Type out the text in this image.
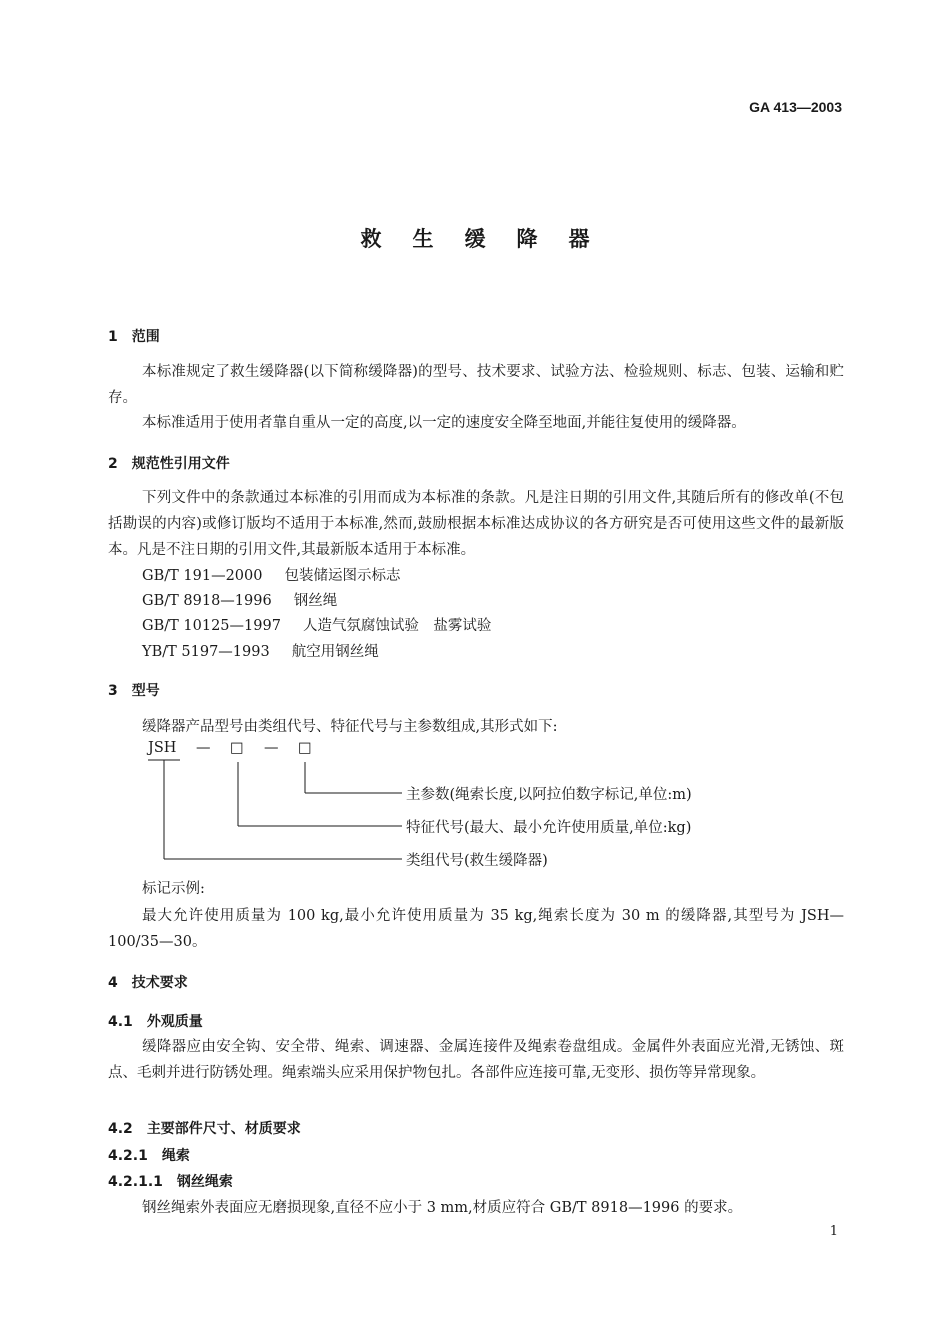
GA 413—2003
救生缓降器
1 范围
本标准规定了救生缓降器(以下简称缓降器)的型号、技术要求、试验方法、检验规则、标志、包装、运输和贮存。
本标准适用于使用者靠自重从一定的高度,以一定的速度安全降至地面,并能往复使用的缓降器。
2 规范性引用文件
下列文件中的条款通过本标准的引用而成为本标准的条款。凡是注日期的引用文件,其随后所有的修改单(不包括勘误的内容)或修订版均不适用于本标准,然而,鼓励根据本标准达成协议的各方研究是否可使用这些文件的最新版本。凡是不注日期的引用文件,其最新版本适用于本标准。
GB/T 191—2000 包装储运图示标志
GB/T 8918—1996 钢丝绳
GB/T 10125—1997 人造气氛腐蚀试验　盐雾试验
YB/T 5197—1993 航空用钢丝绳
3 型号
缓降器产品型号由类组代号、特征代号与主参数组成,其形式如下:
JSH — □ — □
主参数(绳索长度,以阿拉伯数字标记,单位:m)
特征代号(最大、最小允许使用质量,单位:kg)
类组代号(救生缓降器)
标记示例:
最大允许使用质量为 100 kg,最小允许使用质量为 35 kg,绳索长度为 30 m 的缓降器,其型号为 JSH—100/35—30。
4 技术要求
4.1 外观质量
缓降器应由安全钩、安全带、绳索、调速器、金属连接件及绳索卷盘组成。金属件外表面应光滑,无锈蚀、斑点、毛刺并进行防锈处理。绳索端头应采用保护物包扎。各部件应连接可靠,无变形、损伤等异常现象。
4.2 主要部件尺寸、材质要求
4.2.1 绳索
4.2.1.1 钢丝绳索
钢丝绳索外表面应无磨损现象,直径不应小于 3 mm,材质应符合 GB/T 8918—1996 的要求。
1
